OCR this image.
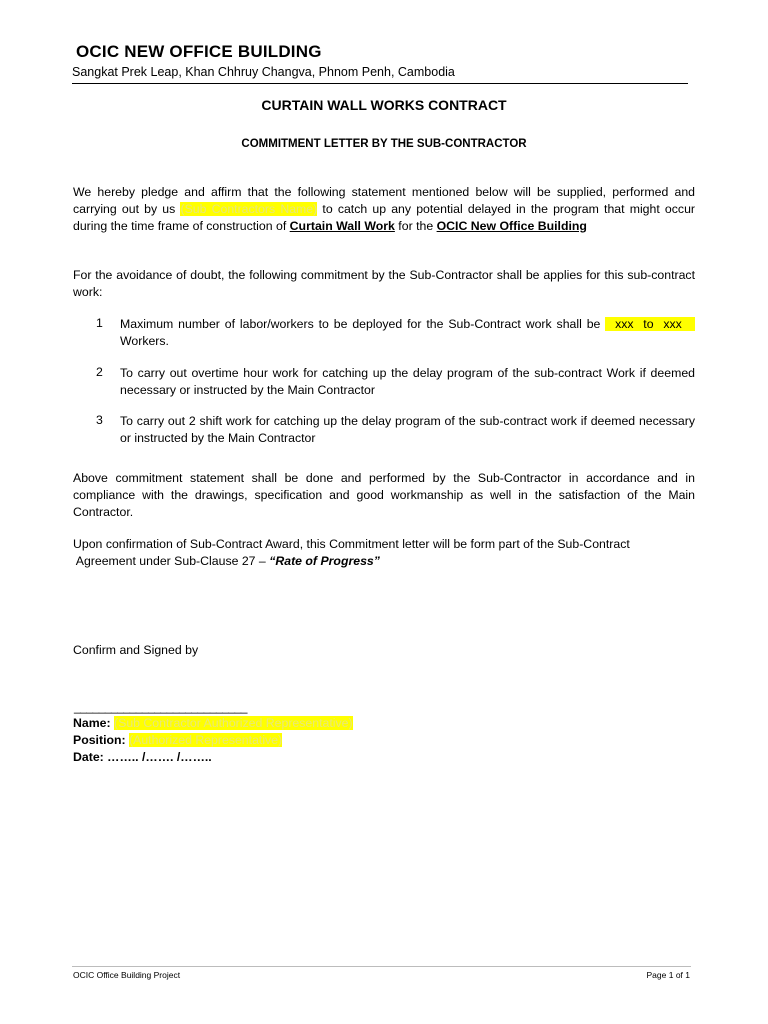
OCIC NEW OFFICE BUILDING
Sangkat Prek Leap, Khan Chhruy Changva, Phnom Penh, Cambodia
CURTAIN WALL WORKS CONTRACT
COMMITMENT LETTER BY THE SUB-CONTRACTOR
We hereby pledge and affirm that the following statement mentioned below will be supplied, performed and carrying out by us (Sub Contractors Name) to catch up any potential delayed in the program that might occur during the time frame of construction of Curtain Wall Work for the OCIC New Office Building
For the avoidance of doubt, the following commitment by the Sub-Contractor shall be applies for this sub-contract work:
1 Maximum number of labor/workers to be deployed for the Sub-Contract work shall be   xxx  to  xxx    Workers.
2 To carry out overtime hour work for catching up the delay program of the sub-contract Work if deemed necessary or instructed by the Main Contractor
3 To carry out 2 shift work for catching up the delay program of the sub-contract work if deemed necessary or instructed by the Main Contractor
Above commitment statement shall be done and performed by the Sub-Contractor in accordance and in compliance with the drawings, specification and good workmanship as well in the satisfaction of the Main Contractor.
Upon confirmation of Sub-Contract Award, this Commitment letter will be form part of the Sub-Contract
Agreement under Sub-Clause 27 – “Rate of Progress”
Confirm and Signed by
____________________________
Name: (Sub Contractor Authorized Representative)
Position: (Authorized Representative)
Date: …….. /……. /……..
OCIC Office Building Project	Page 1 of 1
